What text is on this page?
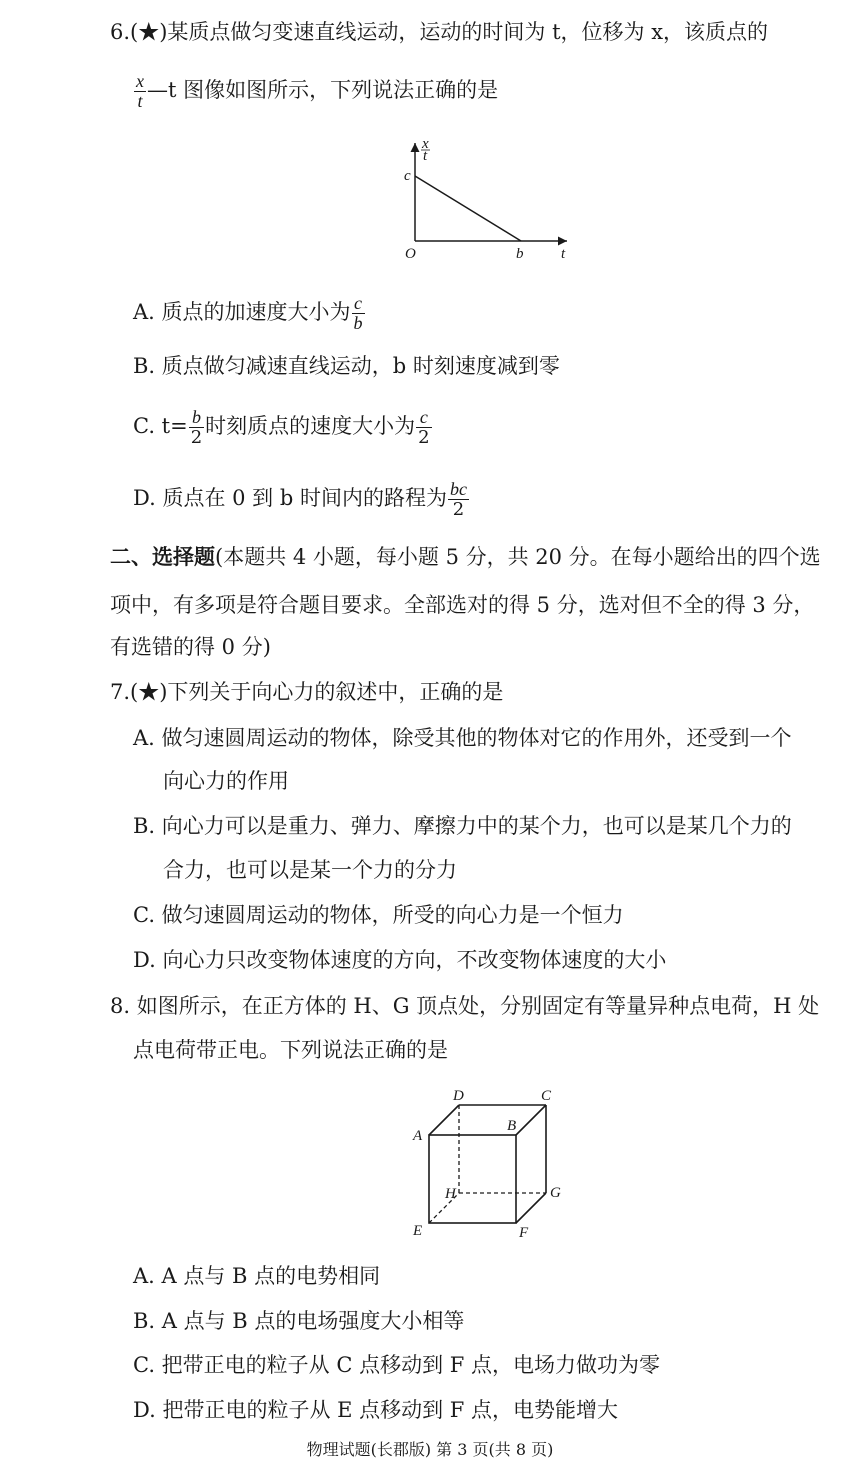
6.(★)某质点做匀变速直线运动，运动的时间为 t，位移为 x，该质点的
$\frac{x}{t}$ —t 图像如图所示，下列说法正确的是
x
t
c
O	b	t
A. 质点的加速度大小为 $\frac{c}{b}$
B. 质点做匀减速直线运动，b 时刻速度减到零
C. $t= \frac{b}{2}$ 时刻质点的速度大小为 $\frac{c}{2}$
D. 质点在 0 到 b 时间内的路程为 $\frac{bc}{2}$
二、选择题(本题共 4 小题，每小题 5 分，共 20 分。在每小题给出的四个选
项中，有多项是符合题目要求。全部选对的得 5 分，选对但不全的得 3 分，
有选错的得 0 分)
7.(★)下列关于向心力的叙述中，正确的是
A. 做匀速圆周运动的物体，除受其他的物体对它的作用外，还受到一个
向心力的作用
B. 向心力可以是重力、弹力、摩擦力中的某个力，也可以是某几个力的
合力，也可以是某一个力的分力
C. 做匀速圆周运动的物体，所受的向心力是一个恒力
D. 向心力只改变物体速度的方向，不改变物体速度的大小
8. 如图所示，在正方体的 H、G 顶点处，分别固定有等量异种点电荷，H 处
点电荷带正电。下列说法正确的是
A
D	C
B
H	G
E	F
A. A 点与 B 点的电势相同
B. A 点与 B 点的电场强度大小相等
C. 把带正电的粒子从 C 点移动到 F 点，电场力做功为零
D. 把带正电的粒子从 E 点移动到 F 点，电势能增大
物理试题(长郡版) 第 3 页(共 8 页)
